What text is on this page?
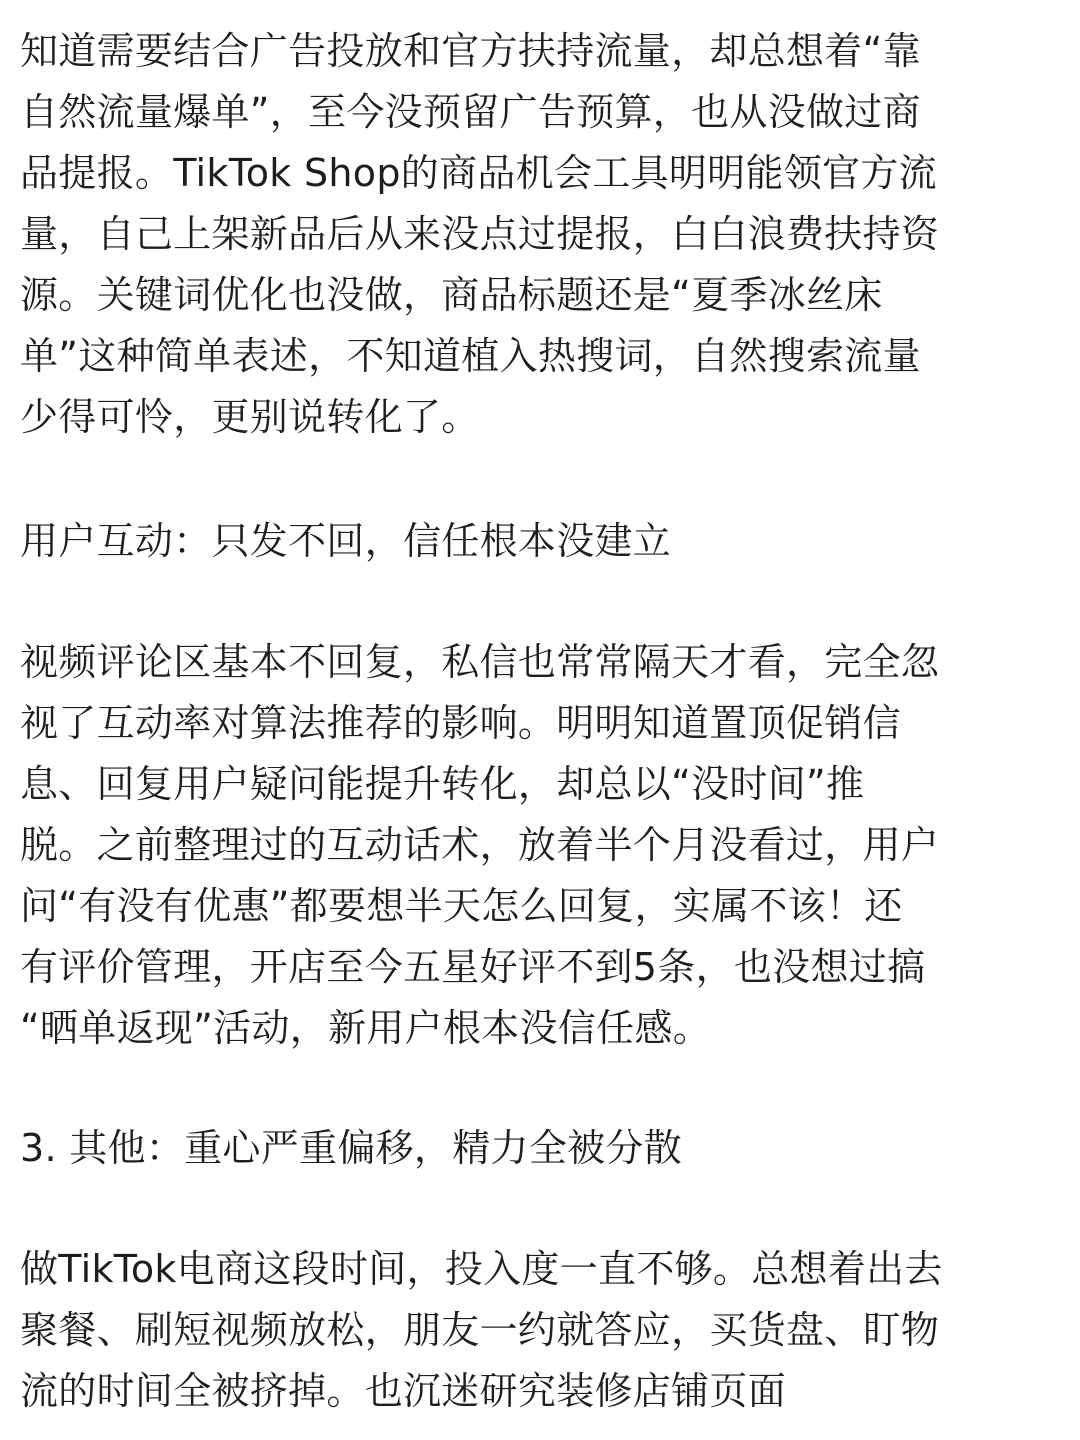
知道需要结合广告投放和官方扶持流量，却总想着“靠
自然流量爆单”，至今没预留广告预算，也从没做过商
品提报。TikTok Shop的商品机会工具明明能领官方流
量，自己上架新品后从来没点过提报，白白浪费扶持资
源。关键词优化也没做，商品标题还是“夏季冰丝床
单”这种简单表述，不知道植入热搜词，自然搜索流量
少得可怜，更别说转化了。
用户互动：只发不回，信任根本没建立
视频评论区基本不回复，私信也常常隔天才看，完全忽
视了互动率对算法推荐的影响。明明知道置顶促销信
息、回复用户疑问能提升转化，却总以“没时间”推
脱。之前整理过的互动话术，放着半个月没看过，用户
问“有没有优惠”都要想半天怎么回复，实属不该！还
有评价管理，开店至今五星好评不到5条，也没想过搞
“晒单返现”活动，新用户根本没信任感。
3. 其他：重心严重偏移，精力全被分散
做TikTok电商这段时间，投入度一直不够。总想着出去
聚餐、刷短视频放松，朋友一约就答应，买货盘、盯物
流的时间全被挤掉。也沉迷研究装修店铺页面
